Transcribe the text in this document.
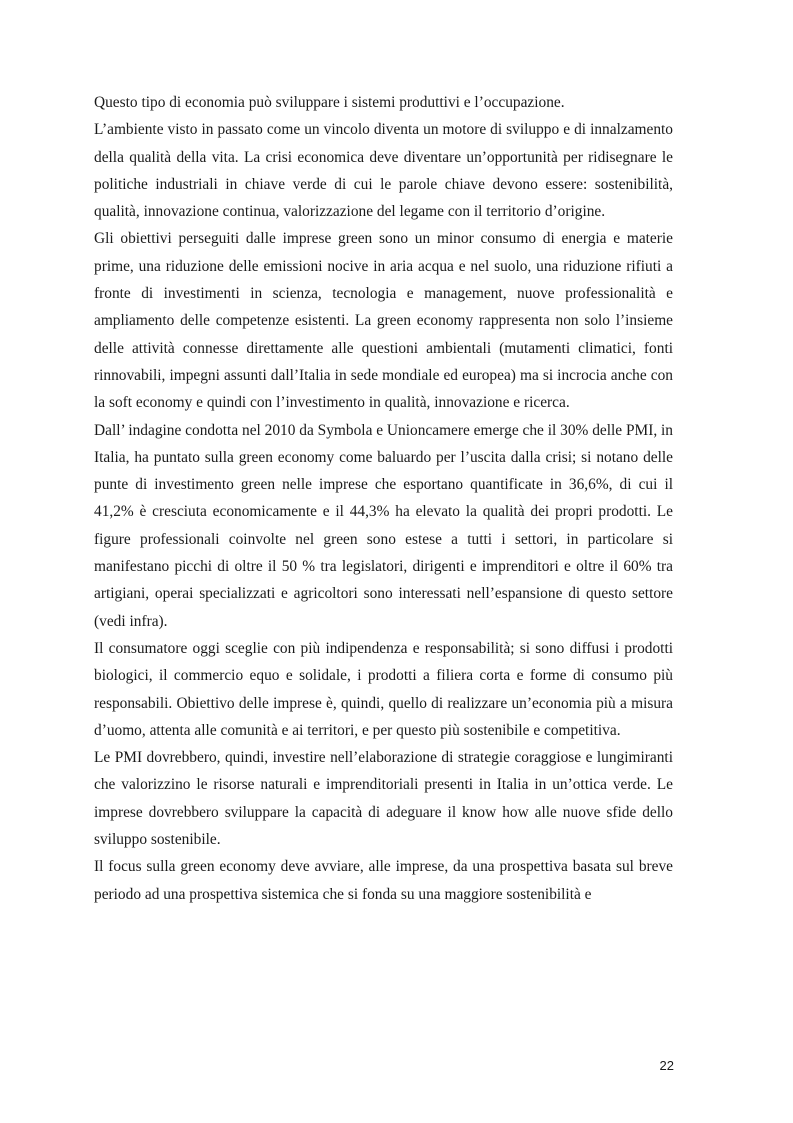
Questo tipo di economia può sviluppare i sistemi produttivi e l’occupazione.

L’ambiente visto in passato come un vincolo diventa un motore di sviluppo e di innalzamento della qualità della vita. La crisi economica deve diventare un’opportunità per ridisegnare le politiche industriali in chiave verde di cui le parole chiave devono essere: sostenibilità, qualità, innovazione continua, valorizzazione del legame con il territorio d’origine.

Gli obiettivi perseguiti dalle imprese green sono un minor consumo di energia e materie prime, una riduzione delle emissioni nocive in aria acqua e nel suolo, una riduzione rifiuti a fronte di investimenti in scienza, tecnologia e management, nuove professionalità e ampliamento delle competenze esistenti. La green economy rappresenta non solo l’insieme delle attività connesse direttamente alle questioni ambientali (mutamenti climatici, fonti rinnovabili, impegni assunti dall’Italia in sede mondiale ed europea) ma si incrocia anche con la soft economy e quindi con l’investimento in qualità, innovazione e ricerca.

Dall’ indagine condotta nel 2010 da Symbola e Unioncamere emerge che il 30% delle PMI, in Italia, ha puntato sulla green economy come baluardo per l’uscita dalla crisi; si notano delle punte di investimento green nelle imprese che esportano quantificate in 36,6%, di cui il 41,2% è cresciuta economicamente e il 44,3% ha elevato la qualità dei propri prodotti. Le figure professionali coinvolte nel green sono estese a tutti i settori, in particolare si manifestano picchi di oltre il 50 % tra legislatori, dirigenti e imprenditori e oltre il 60% tra artigiani, operai specializzati e agricoltori sono interessati nell’espansione di questo settore (vedi infra).

Il consumatore oggi sceglie con più indipendenza e responsabilità; si sono diffusi i prodotti biologici, il commercio equo e solidale, i prodotti a filiera corta e forme di consumo più responsabili. Obiettivo delle imprese è, quindi, quello di realizzare un’economia più a misura d’uomo, attenta alle comunità e ai territori, e per questo più sostenibile e competitiva.

Le PMI dovrebbero, quindi, investire nell’elaborazione di strategie coraggiose e lungimiranti che valorizzino le risorse naturali e imprenditoriali presenti in Italia in un’ottica verde. Le imprese dovrebbero sviluppare la capacità di adeguare il know how alle nuove sfide dello sviluppo sostenibile.

Il focus sulla green economy deve avviare, alle imprese, da una prospettiva basata sul breve periodo ad una prospettiva sistemica che si fonda su una maggiore sostenibilità e

22
